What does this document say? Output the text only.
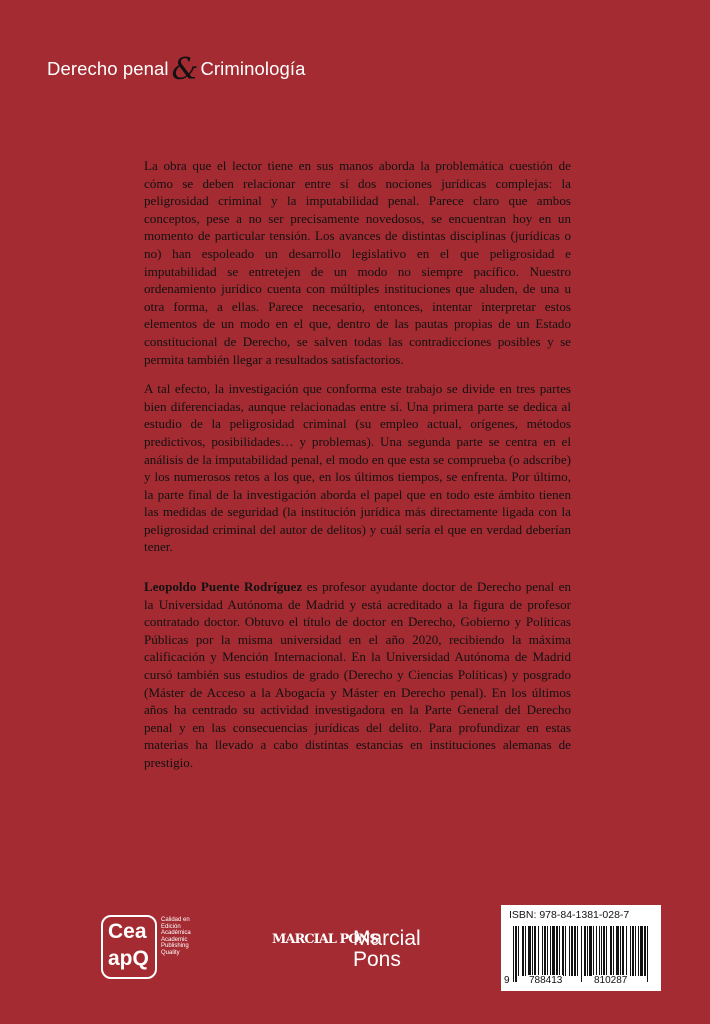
Derecho penal & Criminología

La obra que el lector tiene en sus manos aborda la problemática cuestión de cómo se deben relacionar entre sí dos nociones jurídicas complejas: la peligrosidad criminal y la imputabilidad penal. Parece claro que ambos conceptos, pese a no ser precisamente novedosos, se encuentran hoy en un momento de particular tensión. Los avances de distintas disciplinas (jurídicas o no) han espoleado un desarrollo legislativo en el que peligrosidad e imputabilidad se entretejen de un modo no siempre pacífico. Nuestro ordenamiento jurídico cuenta con múltiples instituciones que aluden, de una u otra forma, a ellas. Parece necesario, entonces, intentar interpretar estos elementos de un modo en el que, dentro de las pautas propias de un Estado constitucional de Derecho, se salven todas las contradicciones posibles y se permita también llegar a resultados satisfactorios.

A tal efecto, la investigación que conforma este trabajo se divide en tres partes bien diferenciadas, aunque relacionadas entre sí. Una primera parte se dedica al estudio de la peligrosidad criminal (su empleo actual, orígenes, métodos predictivos, posibilidades… y problemas). Una segunda parte se centra en el análisis de la imputabilidad penal, el modo en que esta se comprueba (o adscribe) y los numerosos retos a los que, en los últimos tiempos, se enfrenta. Por último, la parte final de la investigación aborda el papel que en todo este ámbito tienen las medidas de seguridad (la institución jurídica más directamente ligada con la peligrosidad criminal del autor de delitos) y cuál sería el que en verdad deberían tener.

Leopoldo Puente Rodríguez es profesor ayudante doctor de Derecho penal en la Universidad Autónoma de Madrid y está acreditado a la figura de profesor contratado doctor. Obtuvo el título de doctor en Derecho, Gobierno y Políticas Públicas por la misma universidad en el año 2020, recibiendo la máxima calificación y Mención Internacional. En la Universidad Autónoma de Madrid cursó también sus estudios de grado (Derecho y Ciencias Políticas) y posgrado (Máster de Acceso a la Abogacía y Máster en Derecho penal). En los últimos años ha centrado su actividad investigadora en la Parte General del Derecho penal y en las consecuencias jurídicas del delito. Para profundizar en estas materias ha llevado a cabo distintas estancias en instituciones alemanas de prestigio.

Cea
apQ
Calidad en
Edición
Académica
Academic
Publishing
Quality
MARCIAL PONS
Marcial
Pons
ISBN: 978-84-1381-028-7
9 788413	810287
